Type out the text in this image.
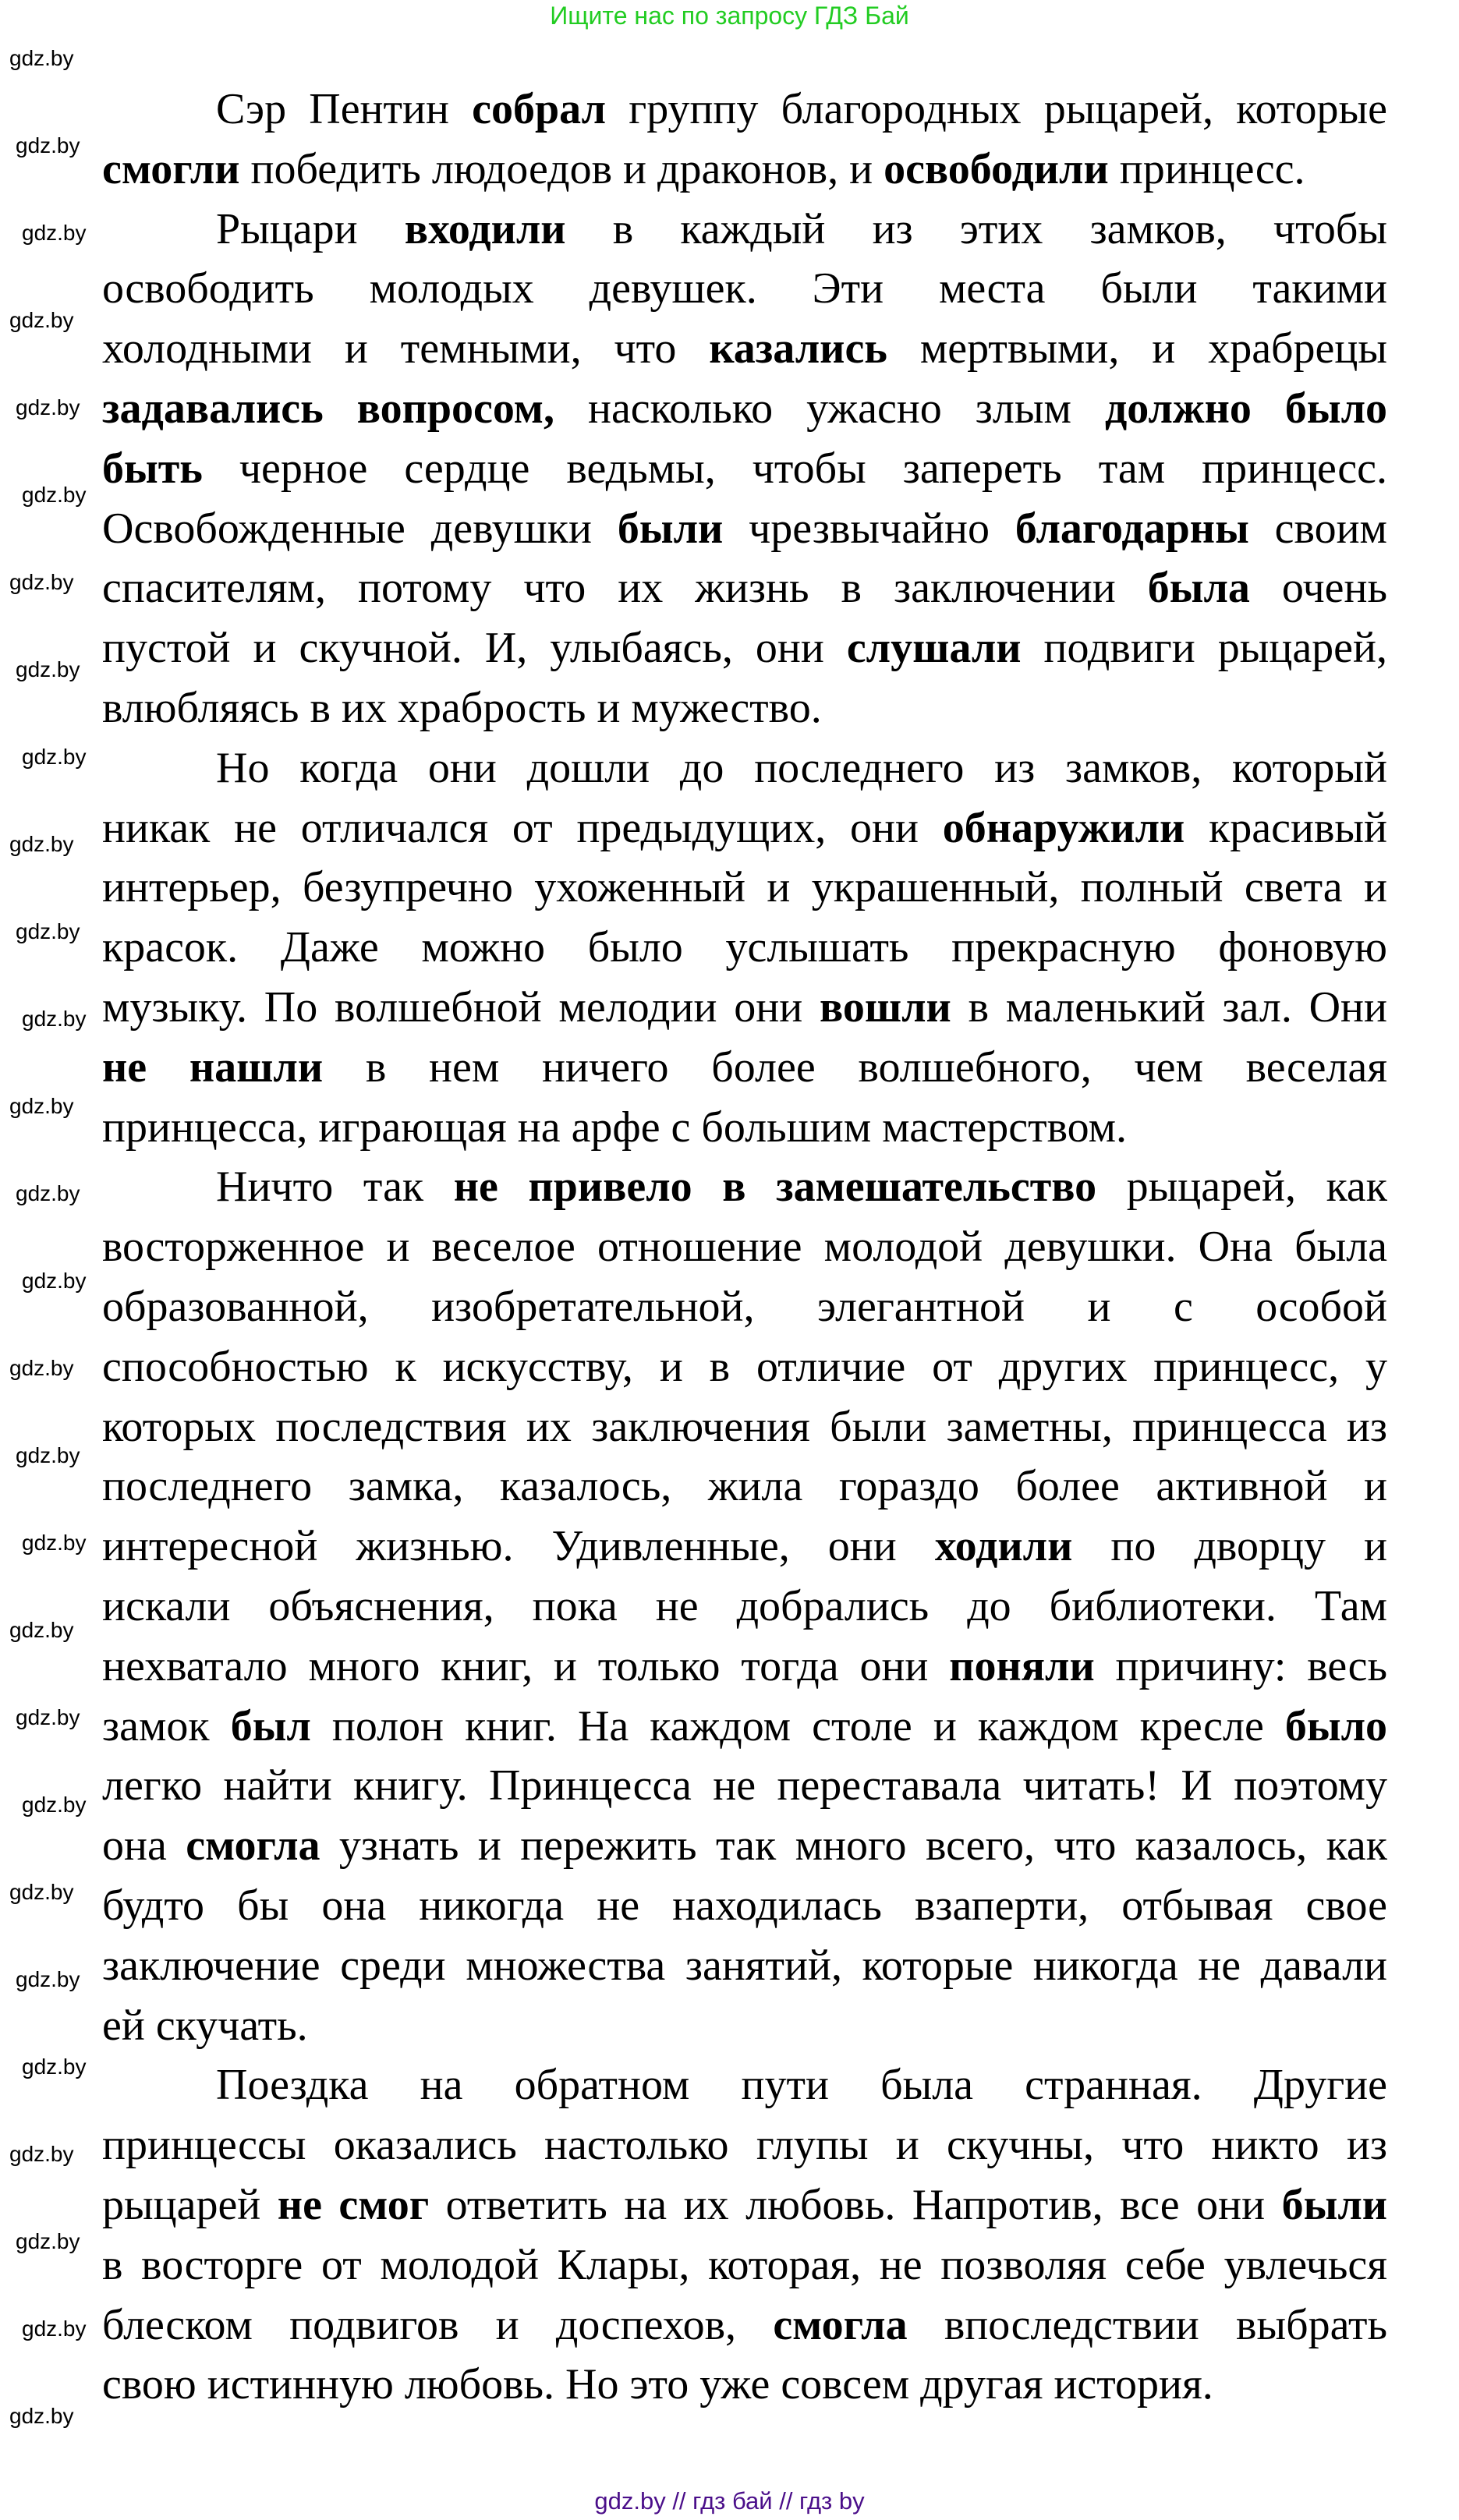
Ищите нас по запросу ГДЗ Бай
Сэр Пентин собрал группу благородных рыцарей, которые
смогли победить людоедов и драконов, и освободили принцесс.
Рыцари входили в каждый из этих замков, чтобы
освободить молодых девушек. Эти места были такими
холодными и темными, что казались мертвыми, и храбрецы
задавались вопросом, насколько ужасно злым должно было
быть черное сердце ведьмы, чтобы запереть там принцесс.
Освобожденные девушки были чрезвычайно благодарны своим
спасителям, потому что их жизнь в заключении была очень
пустой и скучной. И, улыбаясь, они слушали подвиги рыцарей,
влюбляясь в их храбрость и мужество.
Но когда они дошли до последнего из замков, который
никак не отличался от предыдущих, они обнаружили красивый
интерьер, безупречно ухоженный и украшенный, полный света и
красок. Даже можно было услышать прекрасную фоновую
музыку. По волшебной мелодии они вошли в маленький зал. Они
не нашли в нем ничего более волшебного, чем веселая
принцесса, играющая на арфе с большим мастерством.
Ничто так не привело в замешательство рыцарей, как
восторженное и веселое отношение молодой девушки. Она была
образованной, изобретательной, элегантной и с особой
способностью к искусству, и в отличие от других принцесс, у
которых последствия их заключения были заметны, принцесса из
последнего замка, казалось, жила гораздо более активной и
интересной жизнью. Удивленные, они ходили по дворцу и
искали объяснения, пока не добрались до библиотеки. Там
нехватало много книг, и только тогда они поняли причину: весь
замок был полон книг. На каждом столе и каждом кресле было
легко найти книгу. Принцесса не переставала читать! И поэтому
она смогла узнать и пережить так много всего, что казалось, как
будто бы она никогда не находилась взаперти, отбывая свое
заключение среди множества занятий, которые никогда не давали
ей скучать.
Поездка на обратном пути была странная. Другие
принцессы оказались настолько глупы и скучны, что никто из
рыцарей не смог ответить на их любовь. Напротив, все они были
в восторге от молодой Клары, которая, не позволяя себе увлечься
блеском подвигов и доспехов, смогла впоследствии выбрать
свою истинную любовь. Но это уже совсем другая история.
gdz.by
gdz.by
gdz.by
gdz.by
gdz.by
gdz.by
gdz.by
gdz.by
gdz.by
gdz.by
gdz.by
gdz.by
gdz.by
gdz.by
gdz.by
gdz.by
gdz.by
gdz.by
gdz.by
gdz.by
gdz.by
gdz.by
gdz.by
gdz.by
gdz.by
gdz.by
gdz.by
gdz.by
gdz.by // гдз бай // гдз by
